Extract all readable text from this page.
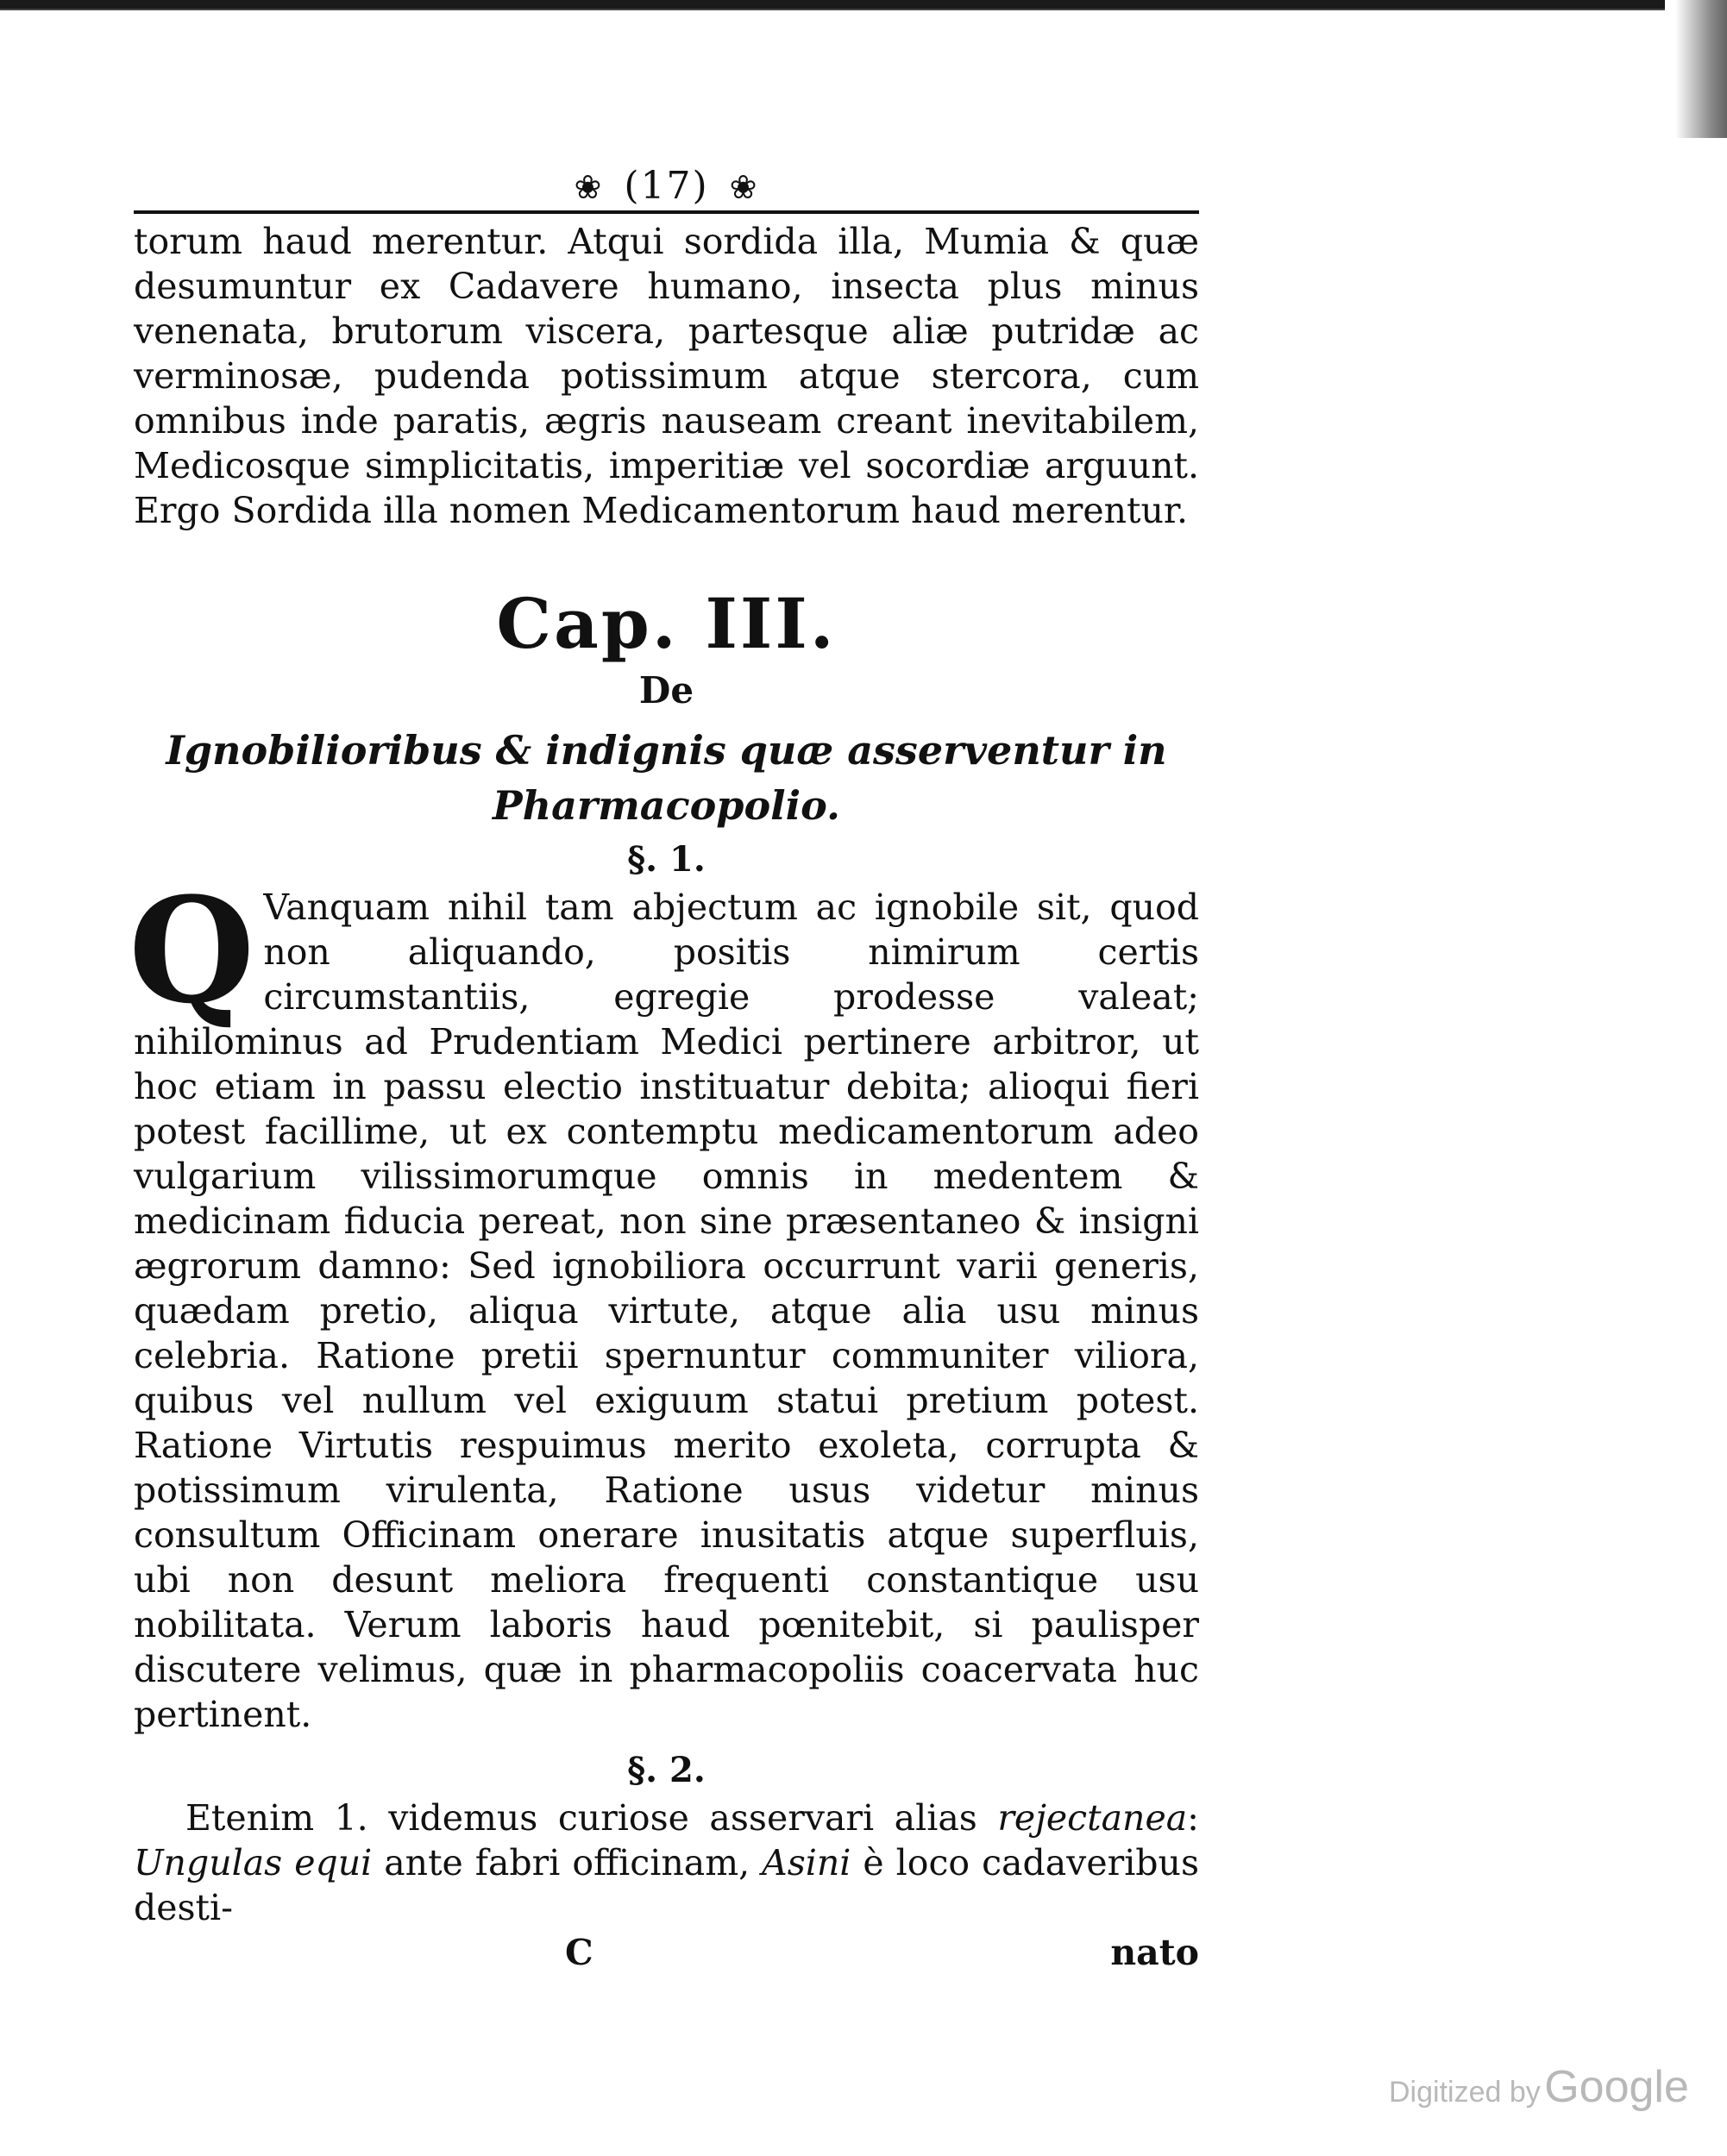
❀ (17) ❀

torum haud merentur. Atqui sordida illa, Mumia & quæ desumuntur ex Cadavere humano, insecta plus minus venenata, brutorum viscera, partesque aliæ putridæ ac verminosæ, pudenda potissimum atque stercora, cum omnibus inde paratis, ægris nauseam creant inevitabilem, Medicosque simplicitatis, imperitiæ vel socordiæ arguunt. Ergo Sordida illa nomen Medicamentorum haud merentur.

Cap. III.
De
Ignobilioribus & indignis quæ asserventur in Pharmacopolio.
§. 1.
Q Vanquam nihil tam abjectum ac ignobile sit, quod non aliquando, positis nimirum certis circumstantiis, egregie prodesse valeat; nihilominus ad Prudentiam Medici pertinere arbitror, ut hoc etiam in passu electio instituatur debita; alioqui fieri potest facillime, ut ex contemptu medicamentorum adeo vulgarium vilissimorumque omnis in medentem & medicinam fiducia pereat, non sine præsentaneo & insigni ægrorum damno: Sed ignobiliora occurrunt varii generis, quædam pretio, aliqua virtute, atque alia usu minus celebria. Ratione pretii spernuntur communiter viliora, quibus vel nullum vel exiguum statui pretium potest. Ratione Virtutis respuimus merito exoleta, corrupta & potissimum virulenta, Ratione usus videtur minus consultum Officinam onerare inusitatis atque superfluis, ubi non desunt meliora frequenti constantique usu nobilitata. Verum laboris haud pœnitebit, si paulisper discutere velimus, quæ in pharmacopoliis coacervata huc pertinent.

§. 2.

Etenim 1. videmus curiose asservari alias rejectanea: Ungulas equi ante fabri officinam, Asini è loco cadaveribus desti-

C	nato
Digitized by Google
